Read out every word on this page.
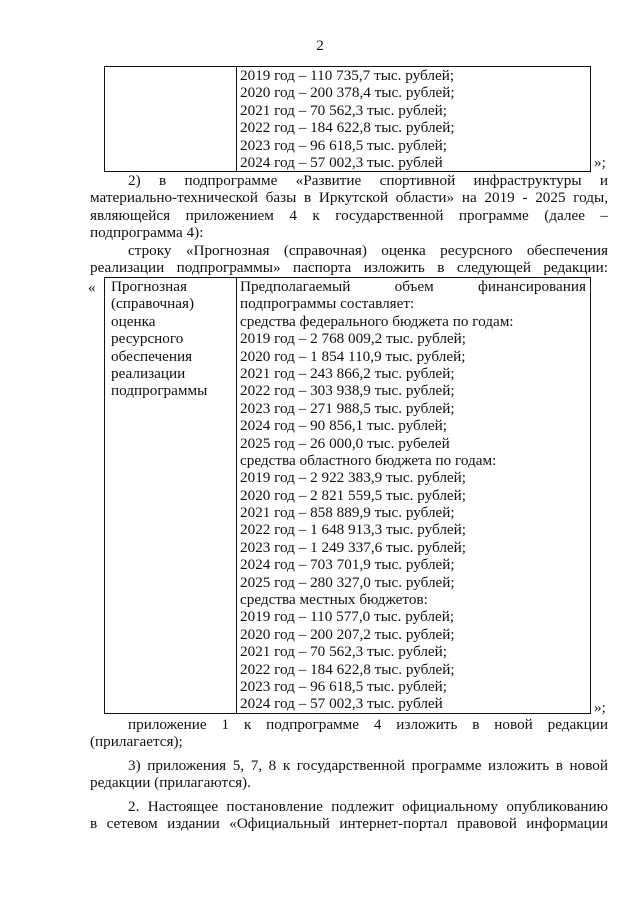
2

2019 год – 110 735,7 тыс. рублей;
2020 год – 200 378,4 тыс. рублей;
2021 год – 70 562,3 тыс. рублей;
2022 год – 184 622,8 тыс. рублей;
2023 год – 96 618,5 тыс. рублей;
2024 год – 57 002,3 тыс. рублей	»;
2) в подпрограмме «Развитие спортивной инфраструктуры и
материально-технической базы в Иркутской области» на 2019 - 2025 годы,
являющейся приложением 4 к государственной программе (далее –
подпрограмма 4):
строку «Прогнозная (справочная) оценка ресурсного обеспечения
реализации подпрограммы» паспорта изложить в следующей редакции:
« Прогнозная
(справочная)
оценка
ресурсного
обеспечения
реализации
подпрограммы

Предполагаемый объем финансирования
подпрограммы составляет:
средства федерального бюджета по годам:
2019 год – 2 768 009,2 тыс. рублей;
2020 год – 1 854 110,9 тыс. рублей;
2021 год – 243 866,2 тыс. рублей;
2022 год – 303 938,9 тыс. рублей;
2023 год – 271 988,5 тыс. рублей;
2024 год – 90 856,1 тыс. рублей;
2025 год – 26 000,0 тыс. рубелей
средства областного бюджета по годам:
2019 год – 2 922 383,9 тыс. рублей;
2020 год – 2 821 559,5 тыс. рублей;
2021 год – 858 889,9 тыс. рублей;
2022 год – 1 648 913,3 тыс. рублей;
2023 год – 1 249 337,6 тыс. рублей;
2024 год – 703 701,9 тыс. рублей;
2025 год – 280 327,0 тыс. рублей;
средства местных бюджетов:
2019 год – 110 577,0 тыс. рублей;
2020 год – 200 207,2 тыс. рублей;
2021 год – 70 562,3 тыс. рублей;
2022 год – 184 622,8 тыс. рублей;
2023 год – 96 618,5 тыс. рублей;
2024 год – 57 002,3 тыс. рублей	»;
приложение 1 к подпрограмме 4 изложить в новой редакции
(прилагается);
3) приложения 5, 7, 8 к государственной программе изложить в новой
редакции (прилагаются).
2. Настоящее постановление подлежит официальному опубликованию
в сетевом издании «Официальный интернет-портал правовой информации
